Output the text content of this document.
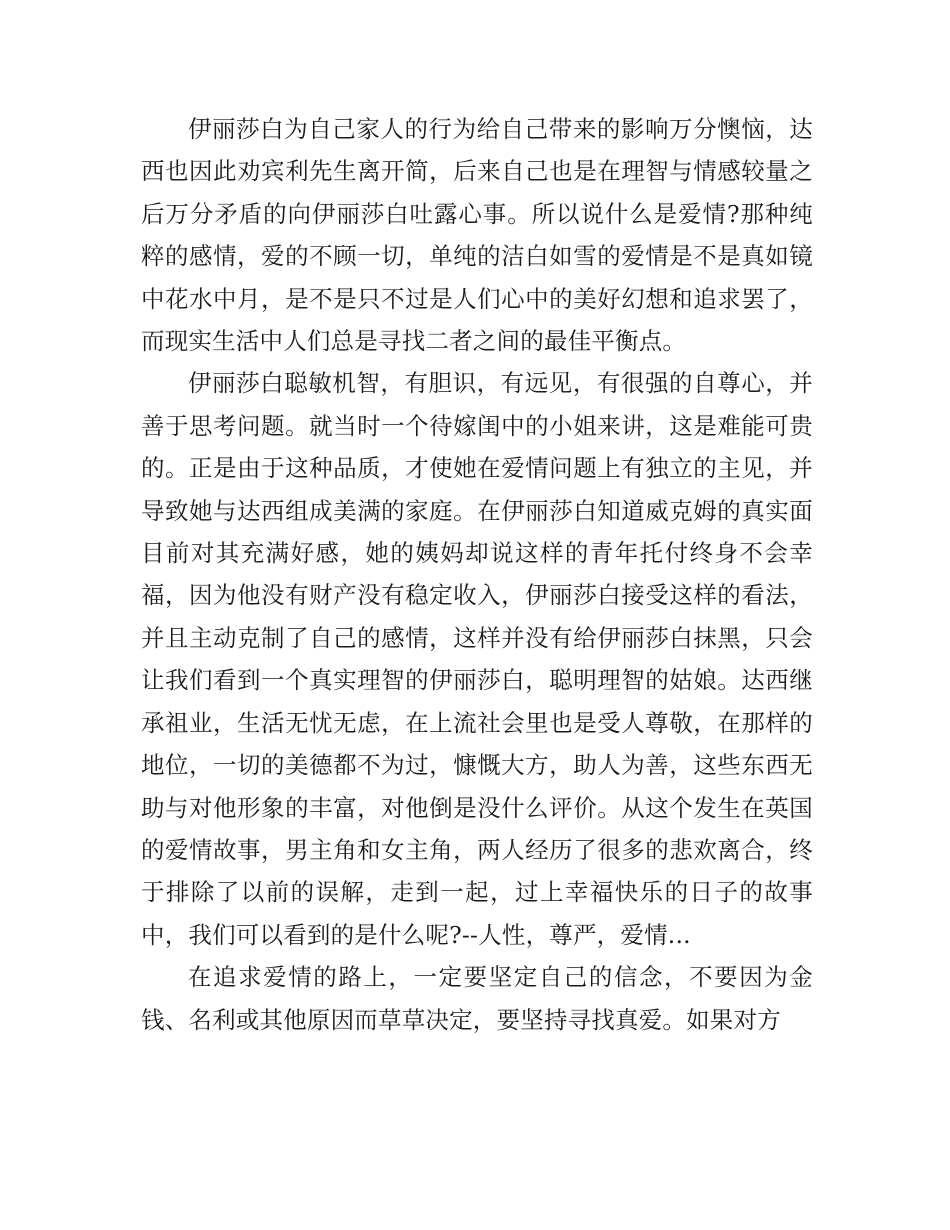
伊丽莎白为自己家人的行为给自己带来的影响万分懊恼，达西也因此劝宾利先生离开简，后来自己也是在理智与情感较量之后万分矛盾的向伊丽莎白吐露心事。所以说什么是爱情?那种纯粹的感情，爱的不顾一切，单纯的洁白如雪的爱情是不是真如镜中花水中月，是不是只不过是人们心中的美好幻想和追求罢了，而现实生活中人们总是寻找二者之间的最佳平衡点。

伊丽莎白聪敏机智，有胆识，有远见，有很强的自尊心，并善于思考问题。就当时一个待嫁闺中的小姐来讲，这是难能可贵的。正是由于这种品质，才使她在爱情问题上有独立的主见，并导致她与达西组成美满的家庭。在伊丽莎白知道威克姆的真实面目前对其充满好感，她的姨妈却说这样的青年托付终身不会幸福，因为他没有财产没有稳定收入，伊丽莎白接受这样的看法，并且主动克制了自己的感情，这样并没有给伊丽莎白抹黑，只会让我们看到一个真实理智的伊丽莎白，聪明理智的姑娘。达西继承祖业，生活无忧无虑，在上流社会里也是受人尊敬，在那样的地位，一切的美德都不为过，慷慨大方，助人为善，这些东西无助与对他形象的丰富，对他倒是没什么评价。从这个发生在英国的爱情故事，男主角和女主角，两人经历了很多的悲欢离合，终于排除了以前的误解，走到一起，过上幸福快乐的日子的故事中，我们可以看到的是什么呢?--人性，尊严，爱情...

在追求爱情的路上，一定要坚定自己的信念，不要因为金钱、名利或其他原因而草草决定，要坚持寻找真爱。如果对方
